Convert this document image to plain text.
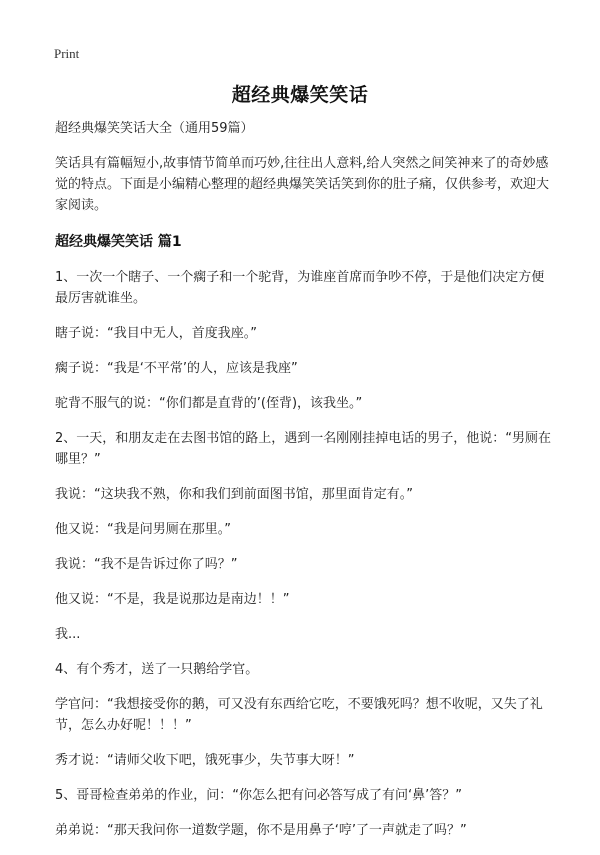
Print
超经典爆笑笑话

超经典爆笑笑话大全（通用59篇）

笑话具有篇幅短小,故事情节简单而巧妙,往往出人意料,给人突然之间笑神来了的奇妙感觉的特点。下面是小编精心整理的超经典爆笑笑话笑到你的肚子痛，仅供参考，欢迎大家阅读。

超经典爆笑笑话 篇1

1、一次一个瞎子、一个瘸子和一个驼背，为谁座首席而争吵不停，于是他们决定方便最厉害就谁坐。

瞎子说：“我目中无人，首度我座。”

瘸子说：“我是‘不平常’的人，应该是我座”

驼背不服气的说：“你们都是直背的’(侄背)，该我坐。”

2、一天，和朋友走在去图书馆的路上，遇到一名刚刚挂掉电话的男子，他说：“男厕在哪里？”

我说：“这块我不熟，你和我们到前面图书馆，那里面肯定有。”

他又说：“我是问男厕在那里。”

我说：“我不是告诉过你了吗？”

他又说：“不是，我是说那边是南边！！”

我...

4、有个秀才，送了一只鹅给学官。

学官问：“我想接受你的鹅，可又没有东西给它吃，不要饿死吗？想不收呢，又失了礼节，怎么办好呢！！！”

秀才说：“请师父收下吧，饿死事少，失节事大呀！”

5、哥哥检查弟弟的作业，问：“你怎么把有问必答写成了有问‘鼻’答？”

弟弟说：“那天我问你一道数学题，你不是用鼻子‘哼’了一声就走了吗？”
